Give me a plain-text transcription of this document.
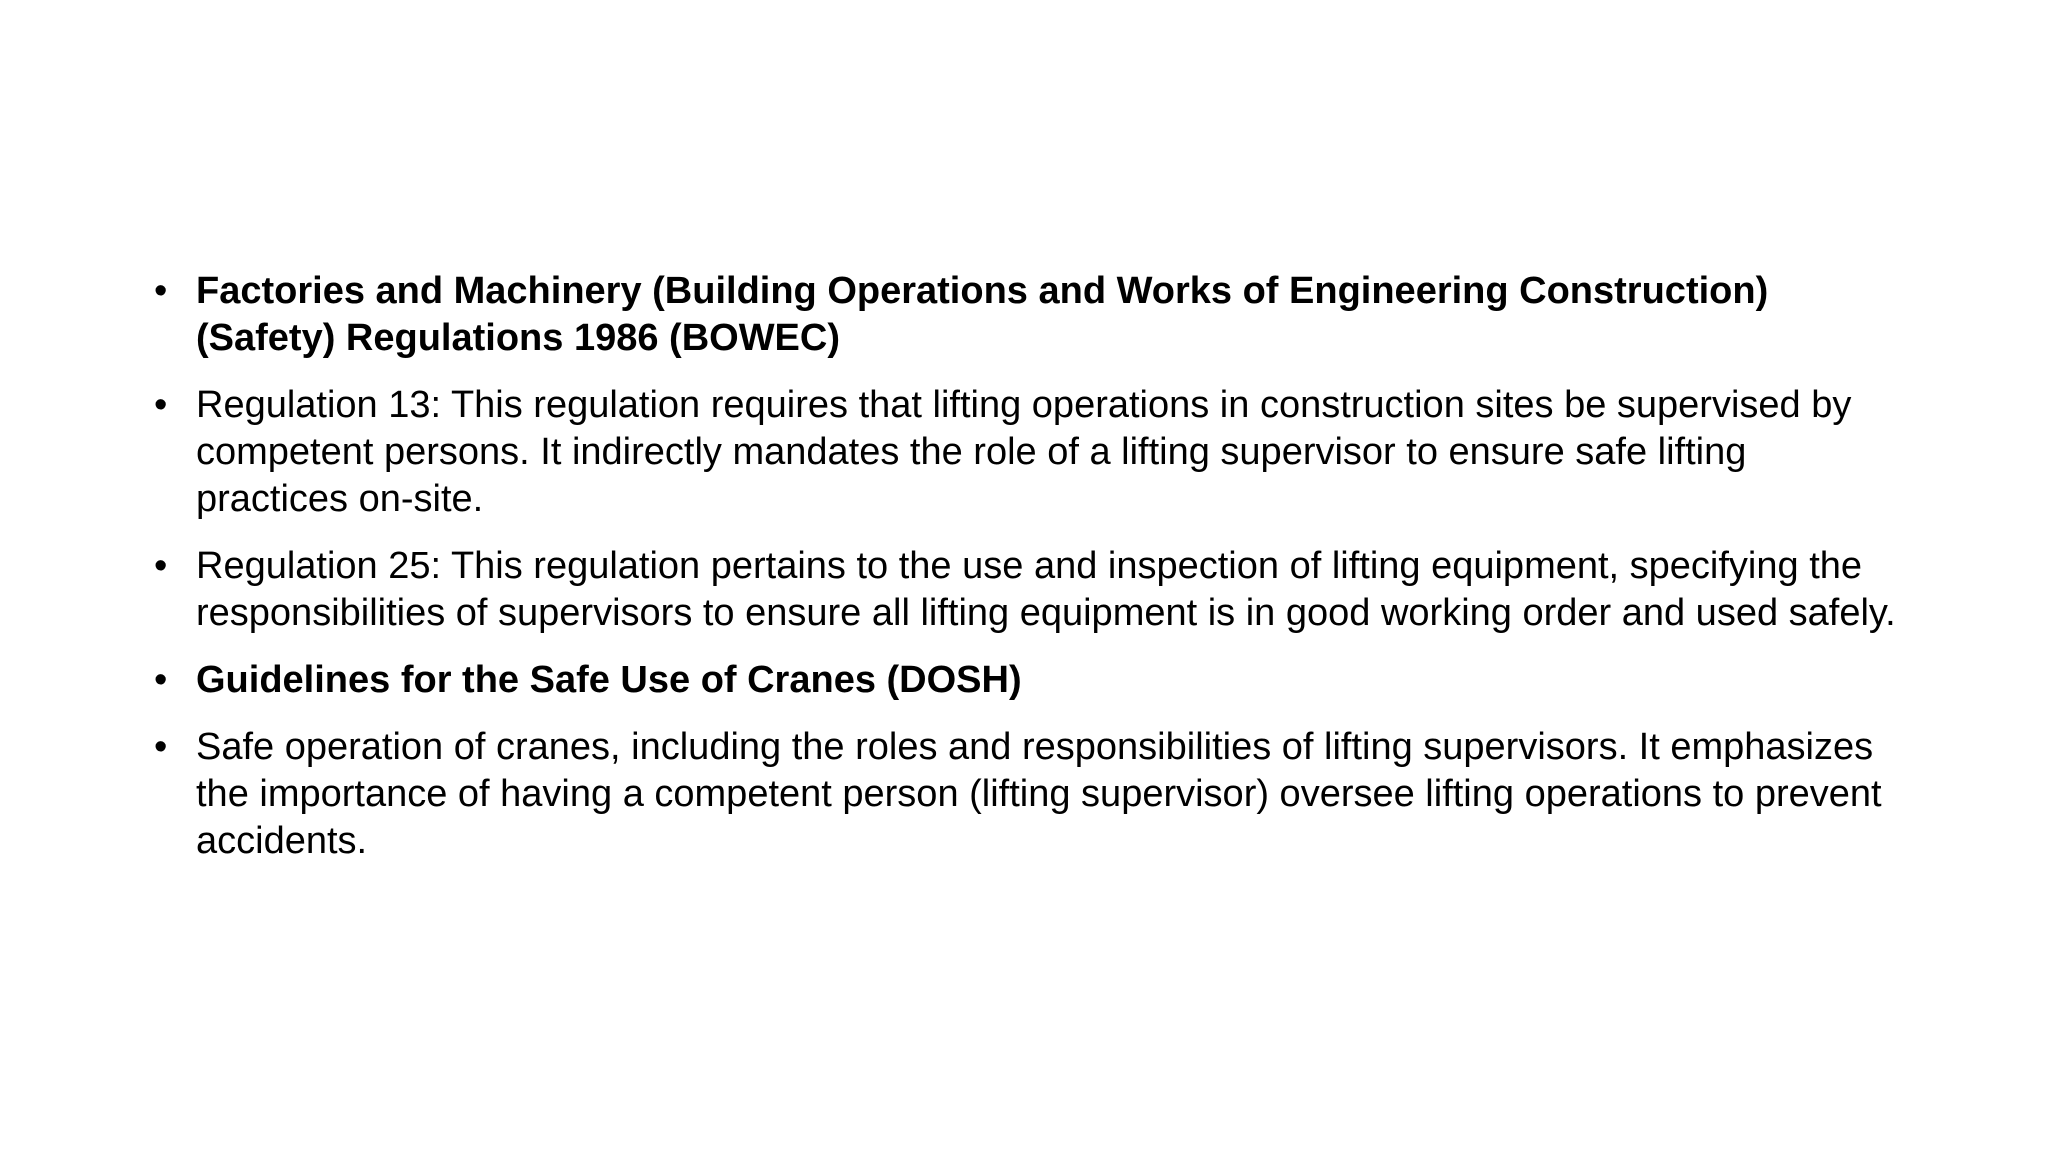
• Factories and Machinery (Building Operations and Works of Engineering Construction) (Safety) Regulations 1986 (BOWEC)
• Regulation 13: This regulation requires that lifting operations in construction sites be supervised by competent persons. It indirectly mandates the role of a lifting supervisor to ensure safe lifting practices on-site.
• Regulation 25: This regulation pertains to the use and inspection of lifting equipment, specifying the responsibilities of supervisors to ensure all lifting equipment is in good working order and used safely.
• Guidelines for the Safe Use of Cranes (DOSH)
• Safe operation of cranes, including the roles and responsibilities of lifting supervisors. It emphasizes the importance of having a competent person (lifting supervisor) oversee lifting operations to prevent accidents.
